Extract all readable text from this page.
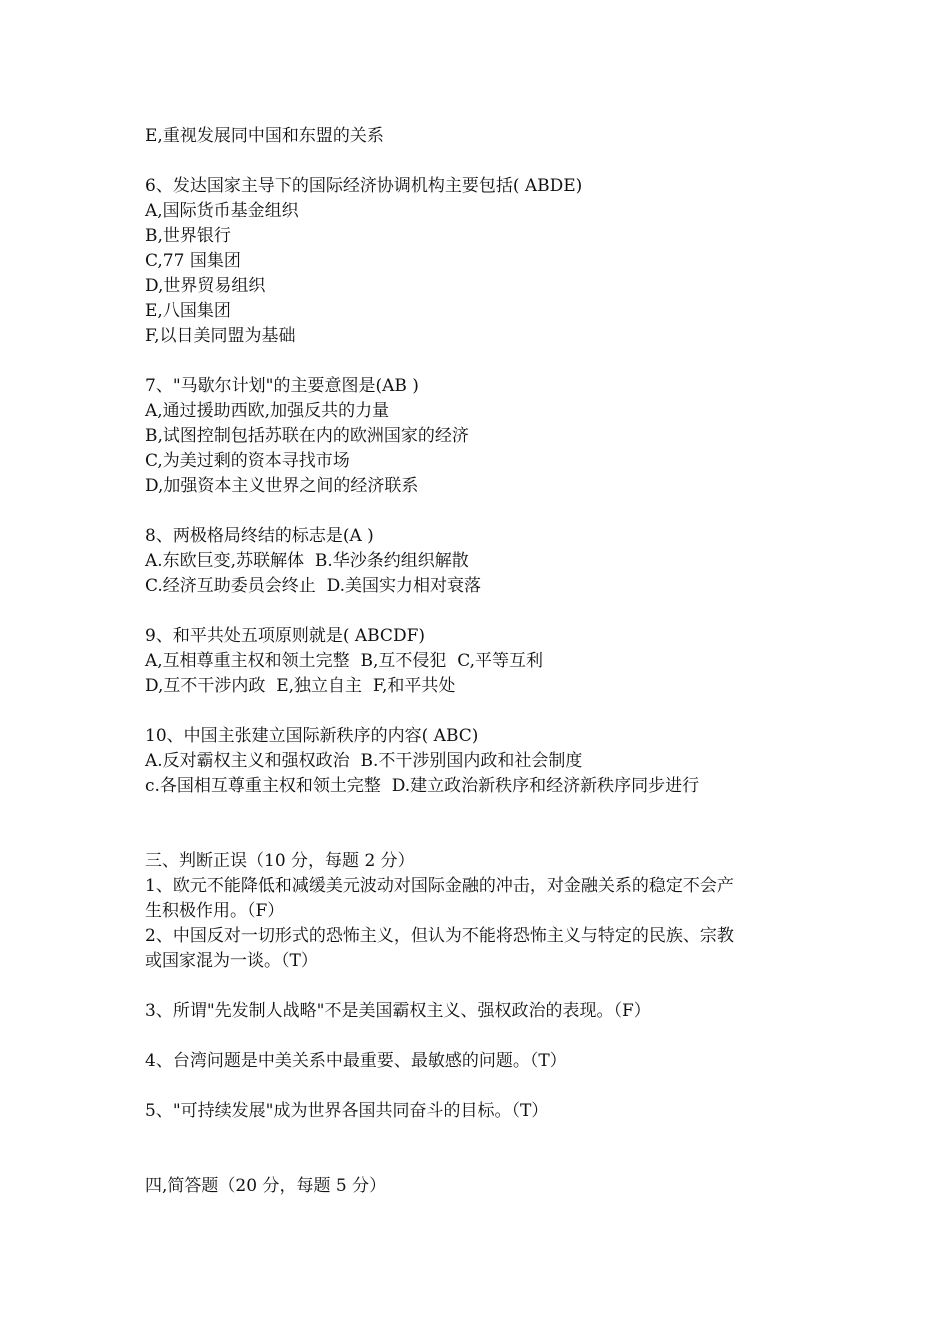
E,重视发展同中国和东盟的关系
6、发达国家主导下的国际经济协调机构主要包括( ABDE)
A,国际货币基金组织
B,世界银行
C,77 国集团
D,世界贸易组织
E,八国集团
F,以日美同盟为基础
7、"马歇尔计划"的主要意图是(AB )
A,通过援助西欧,加强反共的力量
B,试图控制包括苏联在内的欧洲国家的经济
C,为美过剩的资本寻找市场
D,加强资本主义世界之间的经济联系
8、两极格局终结的标志是(A )
A.东欧巨变,苏联解体  B.华沙条约组织解散
C.经济互助委员会终止  D.美国实力相对衰落
9、和平共处五项原则就是( ABCDF)
A,互相尊重主权和领土完整  B,互不侵犯  C,平等互利
D,互不干涉内政  E,独立自主  F,和平共处
10、中国主张建立国际新秩序的内容( ABC)
A.反对霸权主义和强权政治  B.不干涉别国内政和社会制度
c.各国相互尊重主权和领土完整  D.建立政治新秩序和经济新秩序同步进行
三、判断正误（10 分，每题 2 分）
1、欧元不能降低和减缓美元波动对国际金融的冲击，对金融关系的稳定不会产
生积极作用。（F）
2、中国反对一切形式的恐怖主义，但认为不能将恐怖主义与特定的民族、宗教
或国家混为一谈。（T）
3、所谓"先发制人战略"不是美国霸权主义、强权政治的表现。（F）
4、台湾问题是中美关系中最重要、最敏感的问题。（T）
5、"可持续发展"成为世界各国共同奋斗的目标。（T）
四,简答题（20 分，每题 5 分）
